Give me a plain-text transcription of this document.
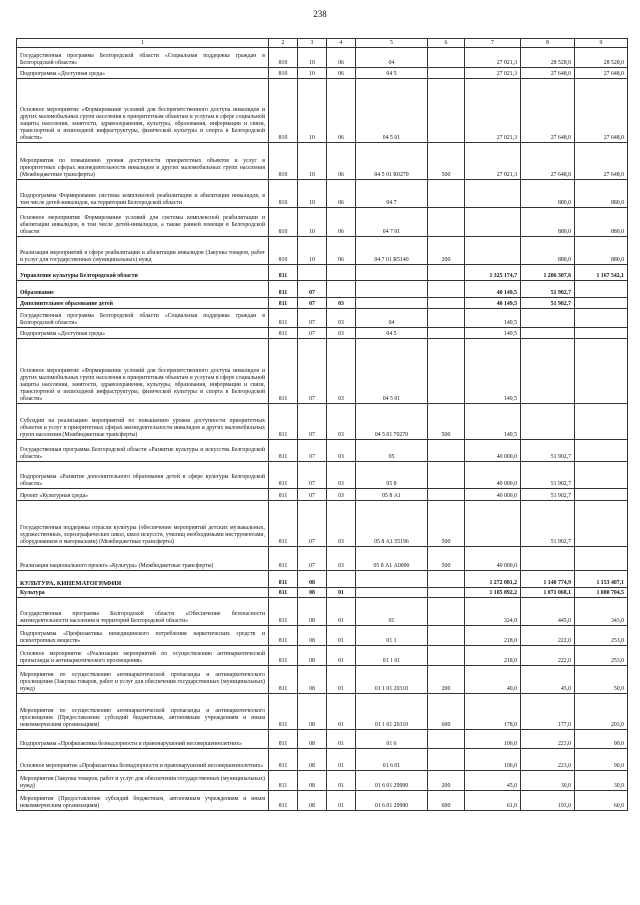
238
1	2	3	4	5	6	7	8	9
Государственная программа Белгородской области «Социальная поддержка граждан в Белгородской области»	810	10	06	04		27 021,3	28 528,0	28 528,0
Подпрограмма «Доступная среда»	810	10	06	04 5		27 021,3	27 648,0	27 648,0
Основное мероприятие «Формирование условий для беспрепятственного доступа инвалидов и других маломобильных групп населения к приоритетным объектам и услугам в сфере социальной защиты населения, занятости, здравоохранения, культуры, образования, информации и связи, транспортной и пешеходной инфраструктуры, физической культуры и спорта в Белгородской области»	810	10	06	04 5 01		27 021,3	27 648,0	27 648,0
Мероприятия по повышению уровня доступности приоритетных объектов и услуг в приоритетных сферах жизнедеятельности инвалидов и других маломобильных групп населения (Межбюджетные трансферты)	810	10	06	04 5 01 R0270	500	27 021,3	27 648,0	27 648,0
Подпрограмма Формирование системы комплексной реабилитации и абилитации инвалидов, в том числе детей-инвалидов, на территории Белгородской области	810	10	06	04 7			880,0	880,0
Основное мероприятие Формирование условий для системы комплексной реабилитации и абилитации инвалидов, в том числе детей-инвалидов, а также ранней помощи в Белгородской области	810	10	06	04 7 01			880,0	880,0
Реализация мероприятий в сфере реабилитации и абилитации инвалидов (Закупка товаров, работ и услуг для государственных (муниципальных) нужд	810	10	06	04 7 01 R5140	200		880,0	880,0
Управление культуры Белгородской области	811					1 325 174,7	1 206 307,6	1 167 542,1
Образование	811	07				40 149,5	51 902,7	
Дополнительное образование детей	811	07	03			40 149,5	51 902,7	
Государственная программа Белгородской области «Социальная поддержка граждан в Белгородской области»	811	07	03	04		149,5		
Подпрограмма «Доступная среда»	811	07	03	04 5		149,5		
Основное мероприятие «Формирование условий для беспрепятственного доступа инвалидов и других маломобильных групп населения к приоритетным объектам и услугам в сфере социальной защиты населения, занятости, здравоохранения, культуры, образования, информации и связи, транспортной и пешеходной инфраструктуры, физической культуры и спорта в Белгородской области»	811	07	03	04 5 01		149,5		
Субсидии на реализацию мероприятий по повышению уровня доступности приоритетных объектов и услуг в приоритетных сферах жизнедеятельности инвалидов и других маломобильных групп населения (Межбюджетные трансферты)	811	07	03	04 5 01 70270	500	149,5		
Государственная программа Белгородской области «Развитие культуры и искусства Белгородской области»	811	07	03	05		40 000,0	51 902,7	
Подпрограмма «Развитие дополнительного образования детей в сфере культуры Белгородской области»	811	07	03	05 8		40 000,0	51 902,7	
Проект «Культурная среда»	811	07	03	05 8 А1		40 000,0	51 902,7	
Государственная поддержка отрасли культуры (обеспечение мероприятий детских музыкальных, художественных, хореографических школ, школ искусств, училищ необходимыми инструментами, оборудованием и материалами) (Межбюджетные трансферты)	811	07	03	05 8 А1 55196	500		51 902,7	
Реализация национального проекта «Культура» (Межбюджетные трансферты)	811	07	03	05 8 А1 А0000	500	40 000,0		
КУЛЬТУРА, КИНЕМАТОГРАФИЯ	811	08				1 272 081,2	1 140 774,9	1 153 407,1
Культура	811	08	01			1 185 892,2	1 071 068,1	1 080 704,5
Государственная программа Белгородской области «Обеспечение безопасности жизнедеятельности населения и территорий Белгородской области»	811	08	01	01		324,0	445,0	343,0
Подпрограмма «Профилактика немедицинского потребления наркотических средств и психотропных веществ»	811	08	01	01 1		218,0	222,0	253,0
Основное мероприятие «Реализация мероприятий по осуществлению антинаркотической пропаганды и антинаркотического просвещения»	811	08	01	01 1 01		218,0	222,0	253,0
Мероприятия по осуществлению антинаркотической пропаганды и антинаркотического просвещения (Закупка товаров, работ и услуг для обеспечения государственных (муниципальных) нужд)	811	08	01	01 1 01 20310	200	40,0	45,0	50,0
Мероприятия по осуществлению антинаркотической пропаганды и антинаркотического просвещения (Предоставление субсидий бюджетным, автономным учреждениям и иным некоммерческим организациям)	811	08	01	01 1 01 20310	600	178,0	177,0	203,0
Подпрограмма «Профилактика безнадзорности и правонарушений несовершеннолетних»	811	08	01	01 6		106,0	223,0	90,0
Основное мероприятие «Профилактика безнадзорности и правонарушений несовершеннолетних»	811	08	01	01 6 01		106,0	223,0	90,0
Мероприятия (Закупка товаров, работ и услуг для обеспечения государственных (муниципальных) нужд)	811	08	01	01 6 01 29990	200	45,0	30,0	30,0
Мероприятия (Предоставление субсидий бюджетным, автономным учреждениям и иным некоммерческим организациям)	811	08	01	01 6 01 29990	600	61,0	193,0	60,0
